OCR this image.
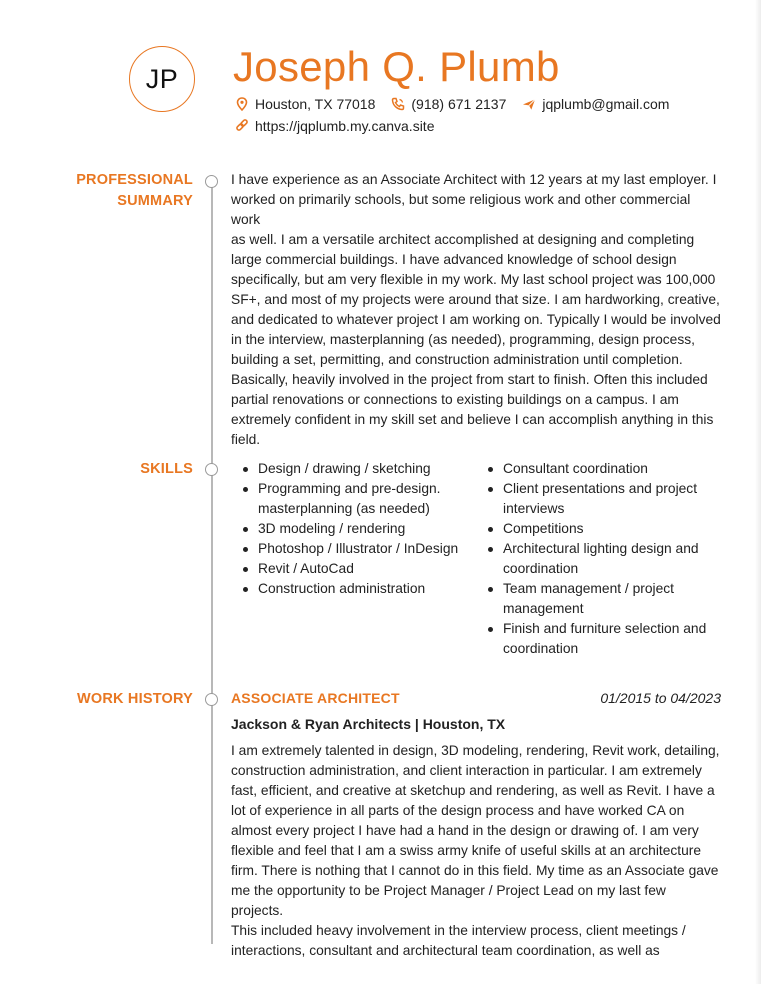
JP	Joseph Q. Plumb
Houston, TX 77018	(918) 671 2137	jqplumb@gmail.com
https://jqplumb.my.canva.site
PROFESSIONAL
SUMMARY
I have experience as an Associate Architect with 12 years at my last employer. I
worked on primarily schools, but some religious work and other commercial work
as well. I am a versatile architect accomplished at designing and completing
large commercial buildings. I have advanced knowledge of school design
specifically, but am very flexible in my work. My last school project was 100,000
SF+, and most of my projects were around that size. I am hardworking, creative,
and dedicated to whatever project I am working on. Typically I would be involved
in the interview, masterplanning (as needed), programming, design process,
building a set, permitting, and construction administration until completion.
Basically, heavily involved in the project from start to finish. Often this included
partial renovations or connections to existing buildings on a campus. I am
extremely confident in my skill set and believe I can accomplish anything in this
field.
SKILLS	Design / drawing / sketching
Programming and pre-design.
masterplanning (as needed)
3D modeling / rendering
Photoshop / Illustrator / InDesign
Revit / AutoCad
Construction administration
Consultant coordination
Client presentations and project
interviews
Competitions
Architectural lighting design and
coordination
Team management / project
management
Finish and furniture selection and
coordination
WORK HISTORY	ASSOCIATE ARCHITECT	01/2015 to 04/2023
Jackson & Ryan Architects | Houston, TX
I am extremely talented in design, 3D modeling, rendering, Revit work, detailing,
construction administration, and client interaction in particular. I am extremely
fast, efficient, and creative at sketchup and rendering, as well as Revit. I have a
lot of experience in all parts of the design process and have worked CA on
almost every project I have had a hand in the design or drawing of. I am very
flexible and feel that I am a swiss army knife of useful skills at an architecture
firm. There is nothing that I cannot do in this field. My time as an Associate gave
me the opportunity to be Project Manager / Project Lead on my last few projects.
This included heavy involvement in the interview process, client meetings /
interactions, consultant and architectural team coordination, as well as
